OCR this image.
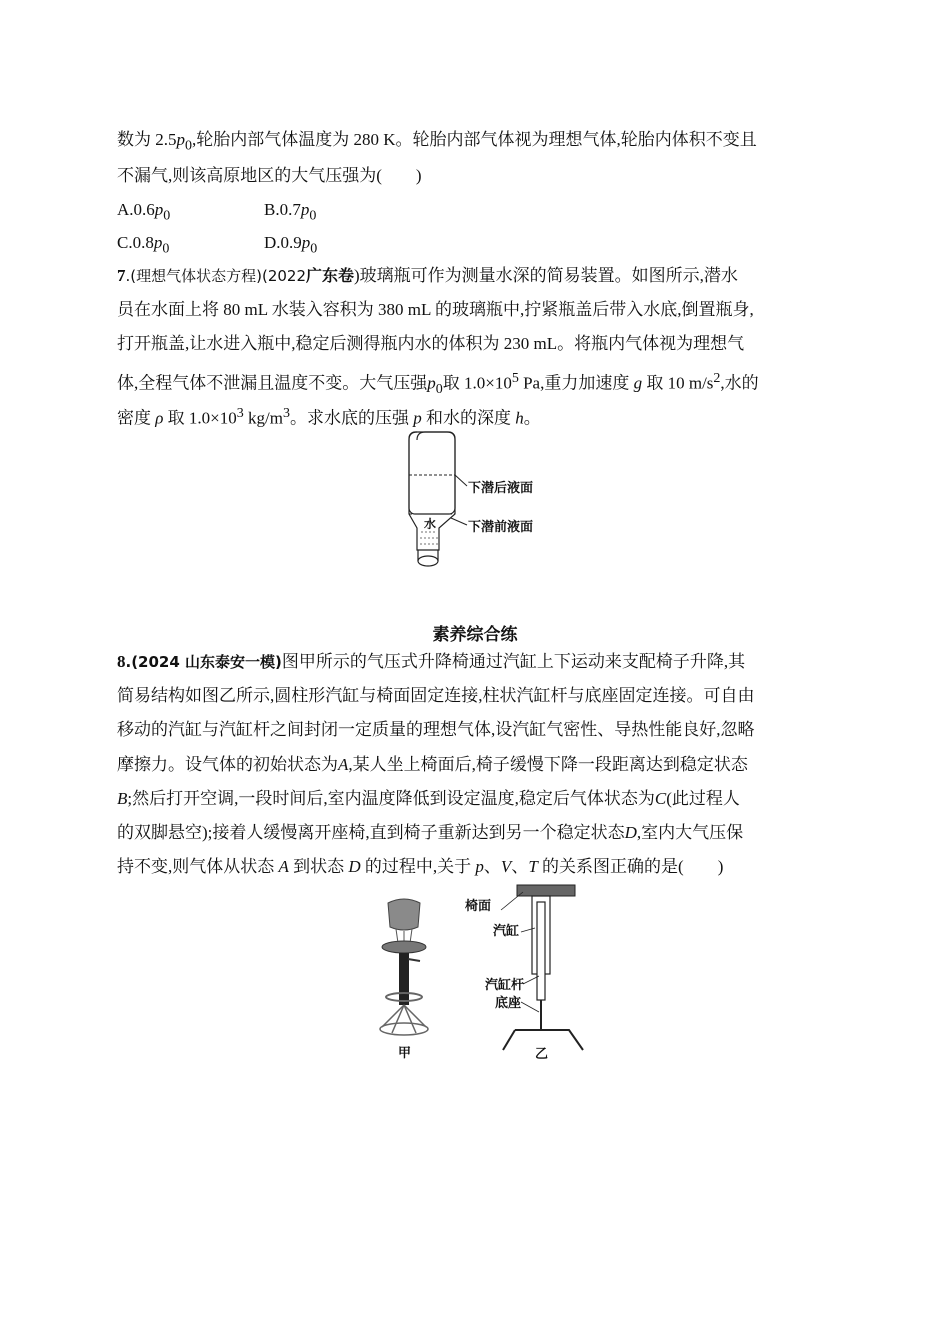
数为 $2.5p_0$,轮胎内部气体温度为 280 K。轮胎内部气体视为理想气体,轮胎内体积不变且
不漏气,则该高原地区的大气压强为(　　)
$A.0.6p_0$	$B.0.7p_0$
$C.0.8p_0$	$D.0.9p_0$
7.(理想气体状态方程)(2022广东卷)玻璃瓶可作为测量水深的简易装置。如图所示,潜水
员在水面上将 80 mL 水装入容积为 380 mL 的玻璃瓶中,拧紧瓶盖后带入水底,倒置瓶身,
打开瓶盖,让水进入瓶中,稳定后测得瓶内水的体积为 230 mL。将瓶内气体视为理想气
体,全程气体不泄漏且温度不变。大气压强$p_0$取 $1.0\times 10^5$ Pa,重力加速度 g 取 10 $m/s^2$,水的
密度 ρ 取 $1.0\times 10^3$ $kg/m^3$。求水底的压强 p 和水的深度 h。
下潜后液面
下潜前液面
水
素养综合练
8.(2024 山东泰安一模)图甲所示的气压式升降椅通过汽缸上下运动来支配椅子升降,其
简易结构如图乙所示,圆柱形汽缸与椅面固定连接,柱状汽缸杆与底座固定连接。可自由
移动的汽缸与汽缸杆之间封闭一定质量的理想气体,设汽缸气密性、导热性能良好,忽略
摩擦力。设气体的初始状态为A,某人坐上椅面后,椅子缓慢下降一段距离达到稳定状态
B;然后打开空调,一段时间后,室内温度降低到设定温度,稳定后气体状态为C(此过程人
的双脚悬空);接着人缓慢离开座椅,直到椅子重新达到另一个稳定状态D,室内大气压保
持不变,则气体从状态 A 到状态 D 的过程中,关于 p、V、T 的关系图正确的是(　　)
甲
椅面
汽缸
汽缸杆
底座
乙
